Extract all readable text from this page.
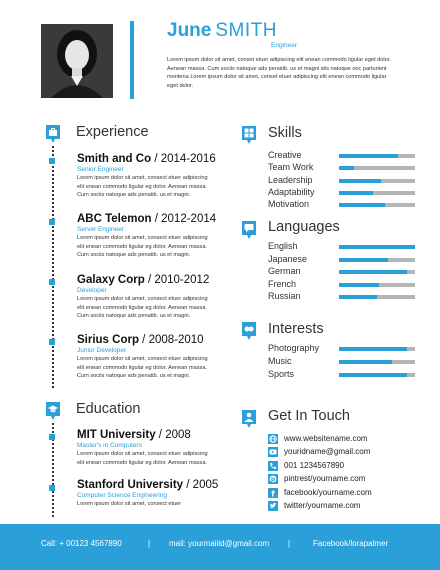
June SMITH
Engineer
Lorem ipsum dolor sit amet, conset etuer adipiscing elit enean commodo ligular eget dolor. Aenean massa. Cum sociis natoque ads penatib. us et magni stis natoque ooc parturient montena Lorem ipsum dolor sit amet, conset etuer adipiscing elit enean commodo ligular eget dolor.
Experience
Smith and Co / 2014-2016
Senior Engineer
Lorem ipsum dolor sit amet, consect etuer adipiscing elit enean commodo ligular eg dolor. Aenean massa. Cum sociis natoque ads penatib. us et magni.
ABC Telemon / 2012-2014
Server Engineer
Lorem ipsum dolor sit amet, consect etuer adipiscing elit enean commodo ligular eg dolor. Aenean massa. Cum sociis natoque ads penatib. us et magni.
Galaxy Corp / 2010-2012
Developer
Lorem ipsum dolor sit amet, consect etuer adipiscing elit enean commodo ligular eg dolor. Aenean massa. Cum sociis natoque ads penatib. us et magni.
Sirius Corp / 2008-2010
Junior Developer
Lorem ipsum dolor sit amet, consect etuer adipiscing elit enean commodo ligular eg dolor. Aenean massa. Cum sociis natoque ads penatib. us et magni.
Education
MIT University / 2008
Master's in Computers
Lorem ipsum dolor sit amet, consect etuer adipiscing elit enean commodo ligular eg dolor. Aenean massa.
Stanford University / 2005
Computer Science Engineering
Lorem ipsum dolor sit amet, consect etuer
Skills
Creative
Team Work
Leadership
Adaptability
Motivation
Languages
English
Japanese
German
French
Russian
Interests
Photography
Music
Sports
Get In Touch
www.websitename.com
youridname@gmail.com
001 1234567890
p pintrest/yourname.com
f facebook/yourname.com
twitter/yourname.com
Call: + 00123 4567890	| mail: yourmailid@gmail.com |	Facebook/lorapalmer
